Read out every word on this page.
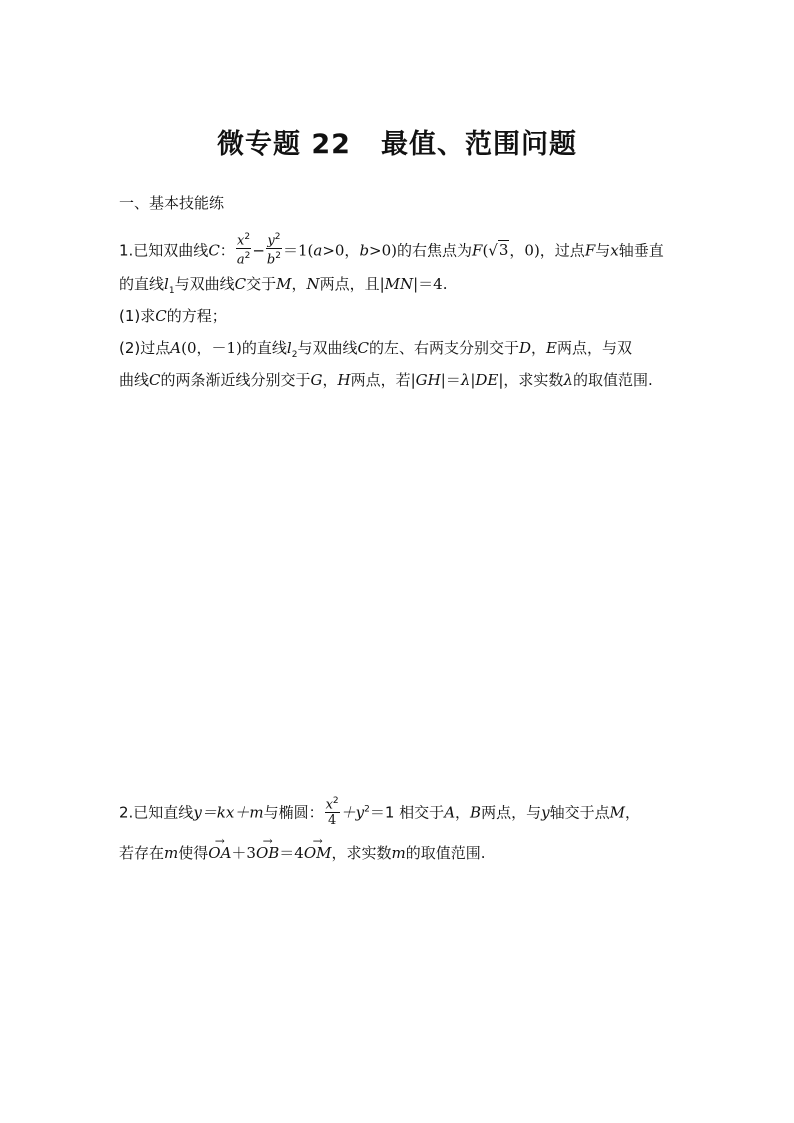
微专题 22 最值、范围问题
一、基本技能练
1.已知双曲线C： $\frac{x^2}{a^2} - \frac{y^2}{b^2} =1(a>0$，b>0)的右焦点为F(√3，0)，过点F与x轴垂直
的直线$l_1$与双曲线C交于M，N两点，且|MN|＝4.
(1)求C的方程；
(2)过点A(0，－1)的直线$l_2$与双曲线C的左、右两支分别交于D，E两点，与双
曲线C的两条渐近线分别交于G，H两点，若|GH|＝λ|DE|，求实数λ的取值范围.
2.已知直线y＝kx＋m与椭圆： $\frac{x^2}{4} +y^2=1$ 相交于A，B两点，与y轴交于点M，
若存在m使得→ OA＋3→ OB＝4→ OM，求实数m的取值范围.
